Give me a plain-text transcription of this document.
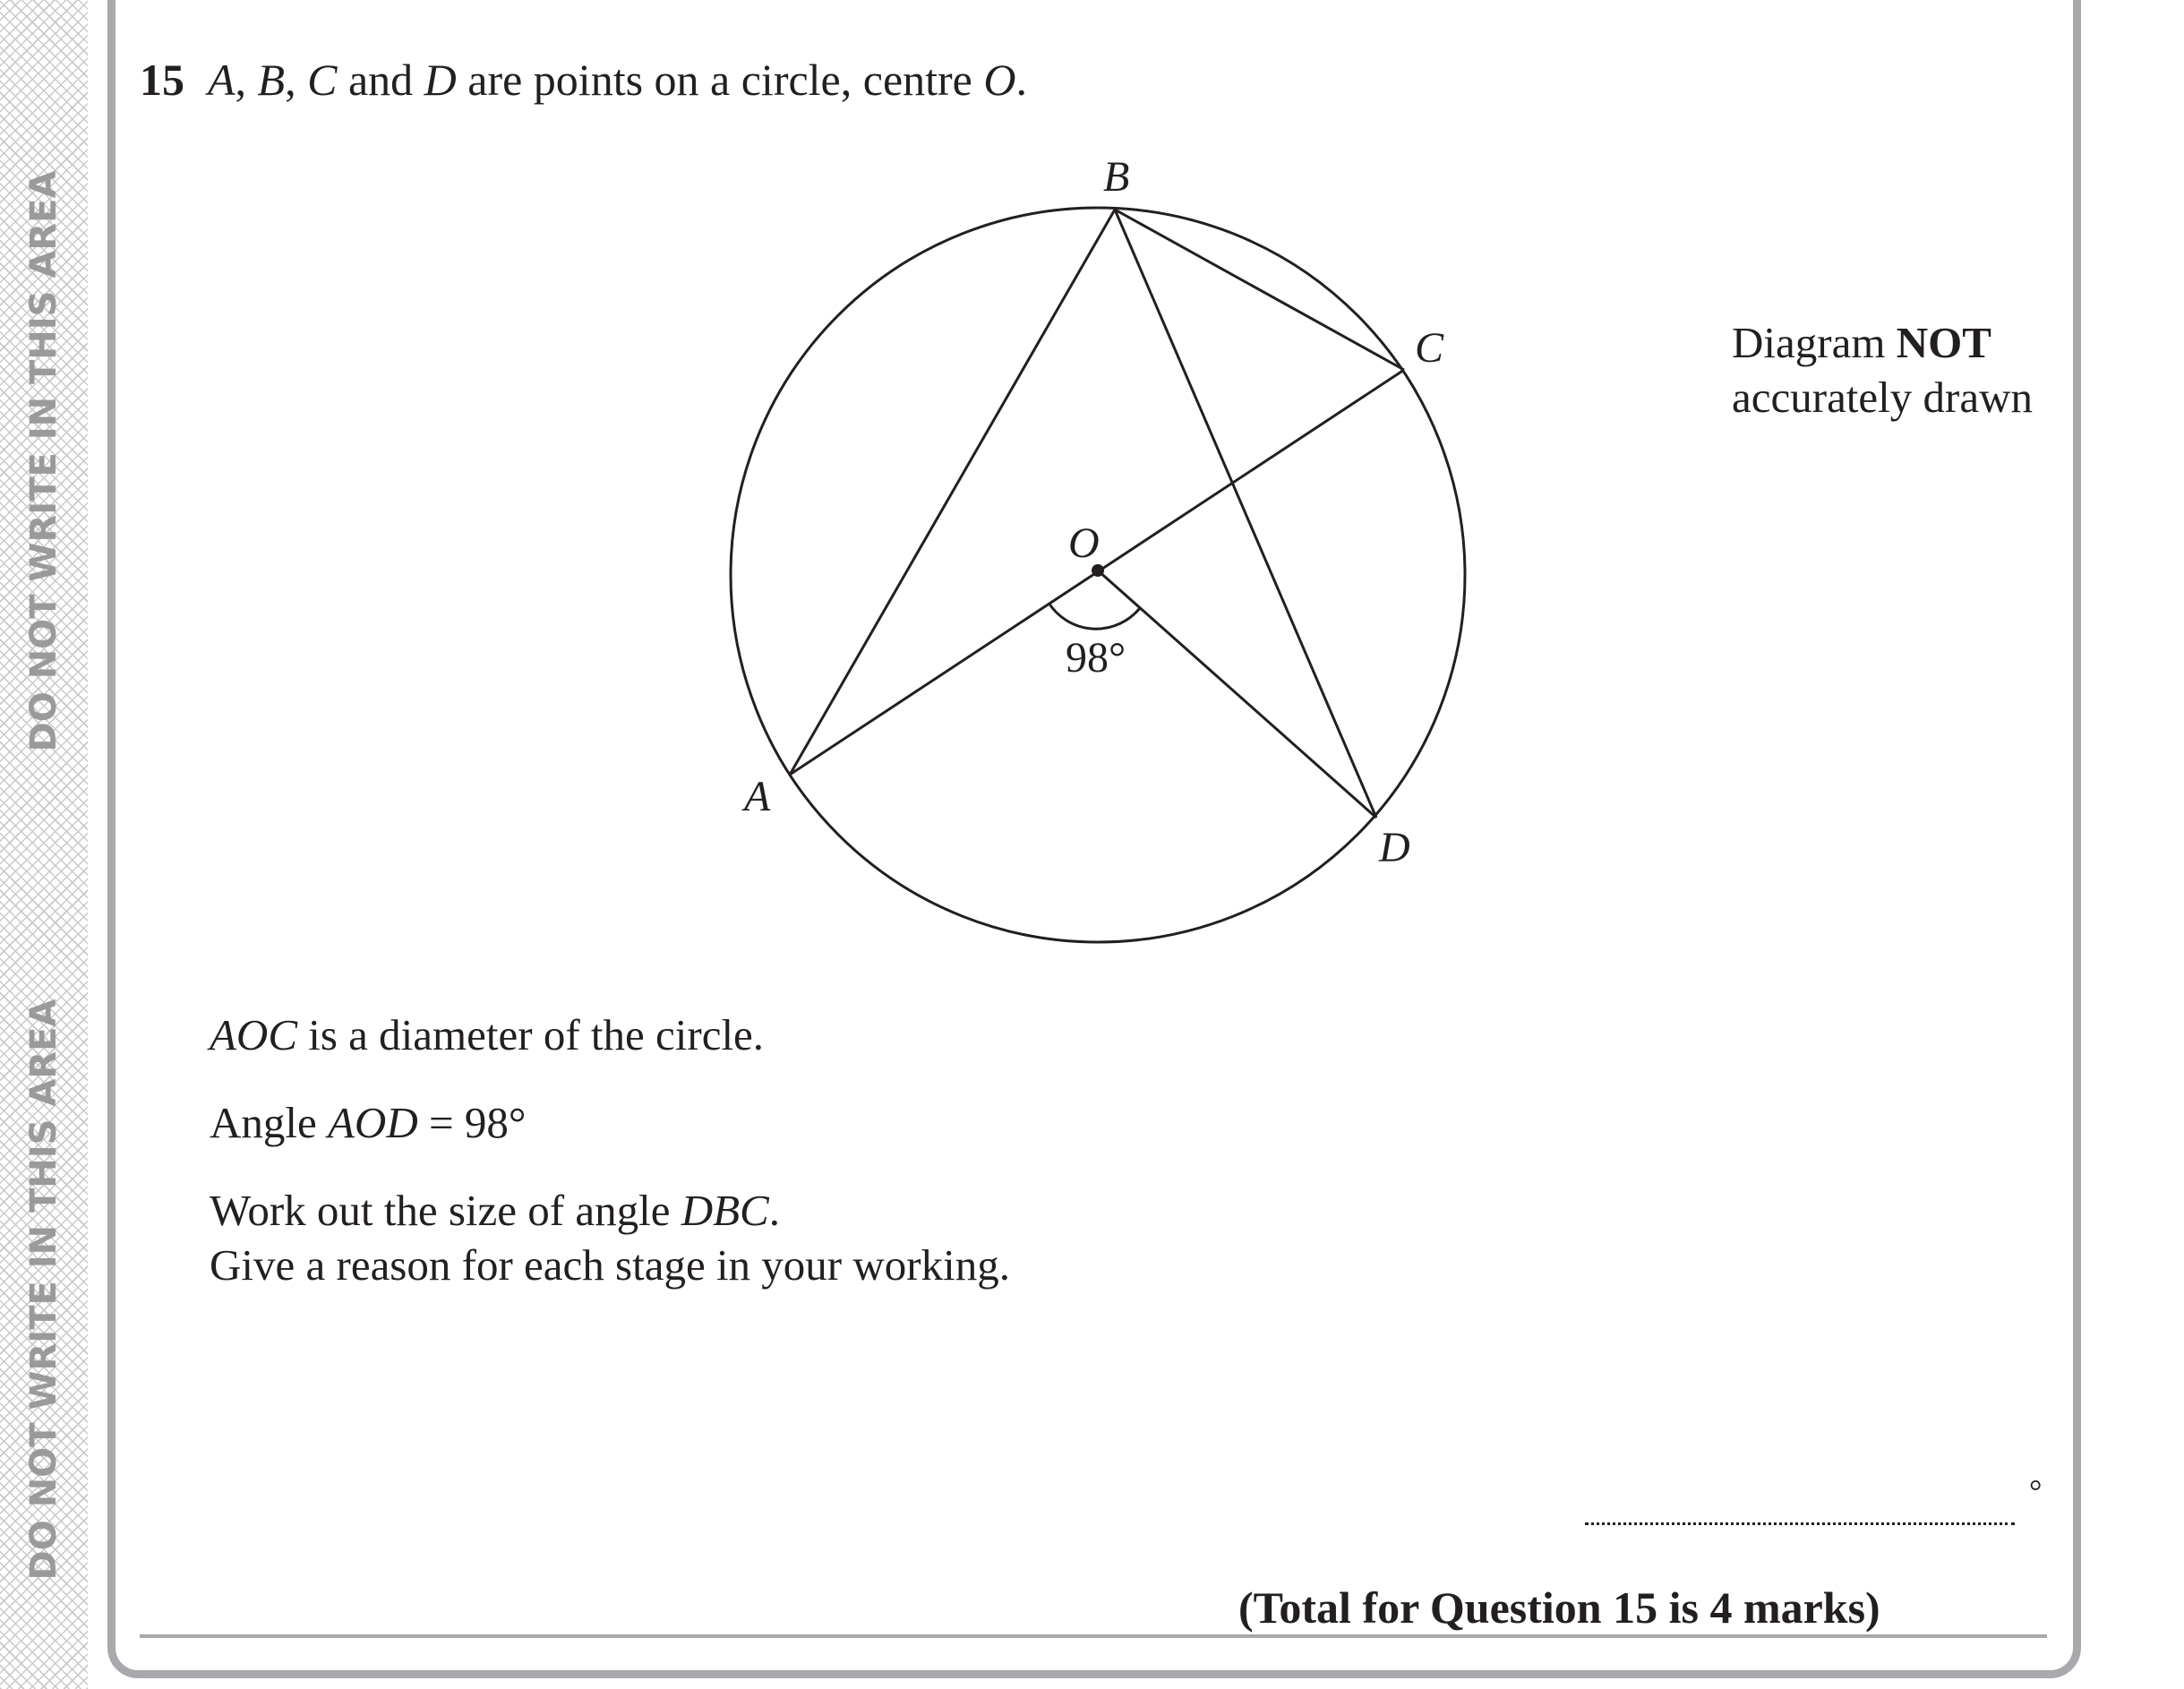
DO NOT WRITE IN THIS AREA
DO NOT WRITE IN THIS AREA
15 A, B, C and D are points on a circle, centre O.
Diagram NOT
accurately drawn
B
C
O
A
D
98°
AOC is a diameter of the circle.
Angle AOD = 98°
Work out the size of angle DBC.
Give a reason for each stage in your working.
°
(Total for Question 15 is 4 marks)
